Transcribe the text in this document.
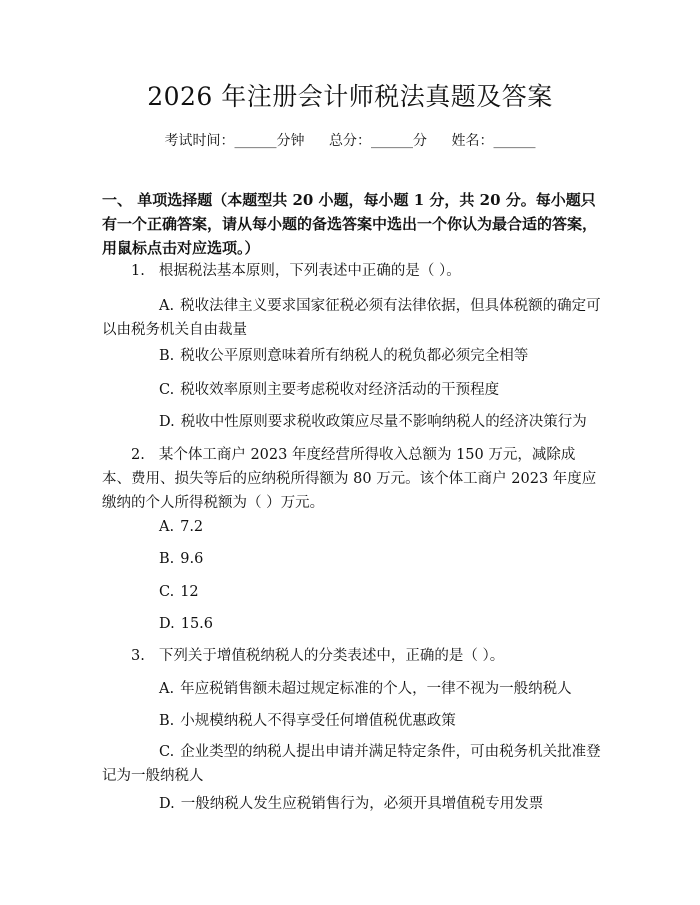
2026 年注册会计师税法真题及答案
考试时间：______分钟 总分：______分 姓名：______

一、 单项选择题（本题型共 20 小题，每小题 1 分，共 20 分。每小题只有一个正确答案，请从每小题的备选答案中选出一个你认为最合适的答案，用鼠标点击对应选项。）

1. 根据税法基本原则，下列表述中正确的是（ ）。
A. 税收法律主义要求国家征税必须有法律依据，但具体税额的确定可以由税务机关自由裁量
B. 税收公平原则意味着所有纳税人的税负都必须完全相等
C. 税收效率原则主要考虑税收对经济活动的干预程度
D. 税收中性原则要求税收政策应尽量不影响纳税人的经济决策行为
2. 某个体工商户 2023 年度经营所得收入总额为 150 万元，减除成本、费用、损失等后的应纳税所得额为 80 万元。该个体工商户 2023 年度应缴纳的个人所得税额为（ ）万元。
A. 7.2
B. 9.6
C. 12
D. 15.6
3. 下列关于增值税纳税人的分类表述中，正确的是（ ）。
A. 年应税销售额未超过规定标准的个人，一律不视为一般纳税人
B. 小规模纳税人不得享受任何增值税优惠政策
C. 企业类型的纳税人提出申请并满足特定条件，可由税务机关批准登记为一般纳税人
D. 一般纳税人发生应税销售行为，必须开具增值税专用发票
